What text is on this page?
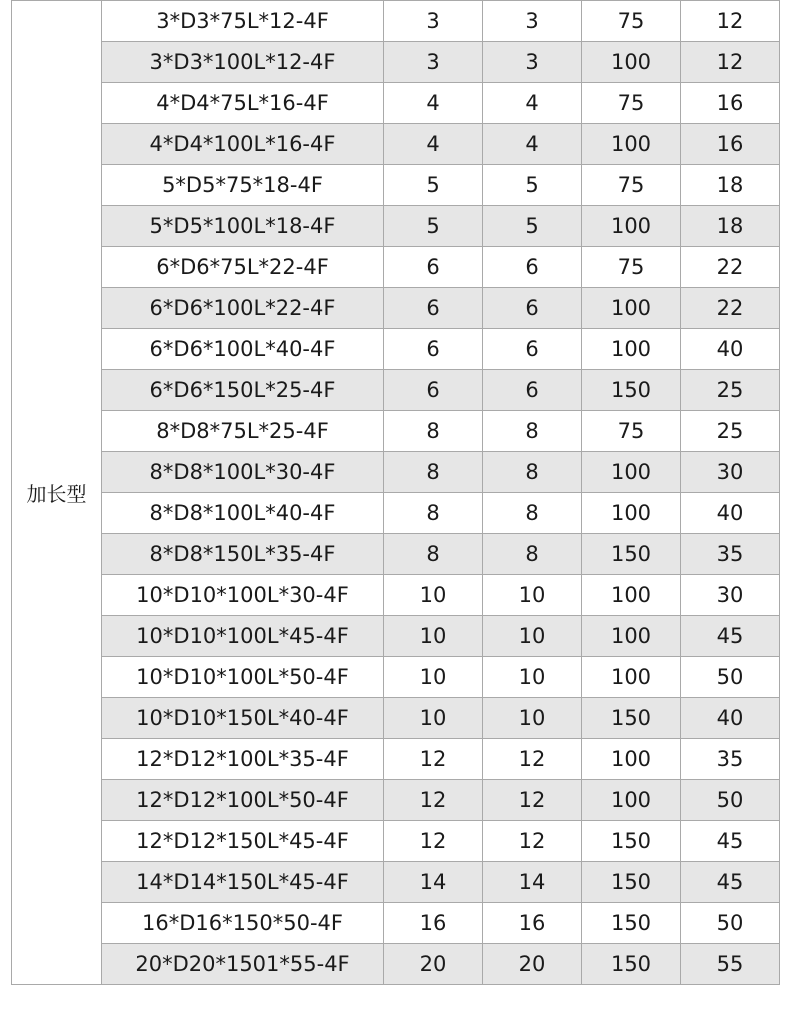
加长型	3*D3*75L*12-4F	3	3	75	12
	3*D3*100L*12-4F	3	3	100	12
	4*D4*75L*16-4F	4	4	75	16
	4*D4*100L*16-4F	4	4	100	16
	5*D5*75*18-4F	5	5	75	18
	5*D5*100L*18-4F	5	5	100	18
	6*D6*75L*22-4F	6	6	75	22
	6*D6*100L*22-4F	6	6	100	22
	6*D6*100L*40-4F	6	6	100	40
	6*D6*150L*25-4F	6	6	150	25
	8*D8*75L*25-4F	8	8	75	25
	8*D8*100L*30-4F	8	8	100	30
	8*D8*100L*40-4F	8	8	100	40
	8*D8*150L*35-4F	8	8	150	35
	10*D10*100L*30-4F	10	10	100	30
	10*D10*100L*45-4F	10	10	100	45
	10*D10*100L*50-4F	10	10	100	50
	10*D10*150L*40-4F	10	10	150	40
	12*D12*100L*35-4F	12	12	100	35
	12*D12*100L*50-4F	12	12	100	50
	12*D12*150L*45-4F	12	12	150	45
	14*D14*150L*45-4F	14	14	150	45
	16*D16*150*50-4F	16	16	150	50
	20*D20*1501*55-4F	20	20	150	55
